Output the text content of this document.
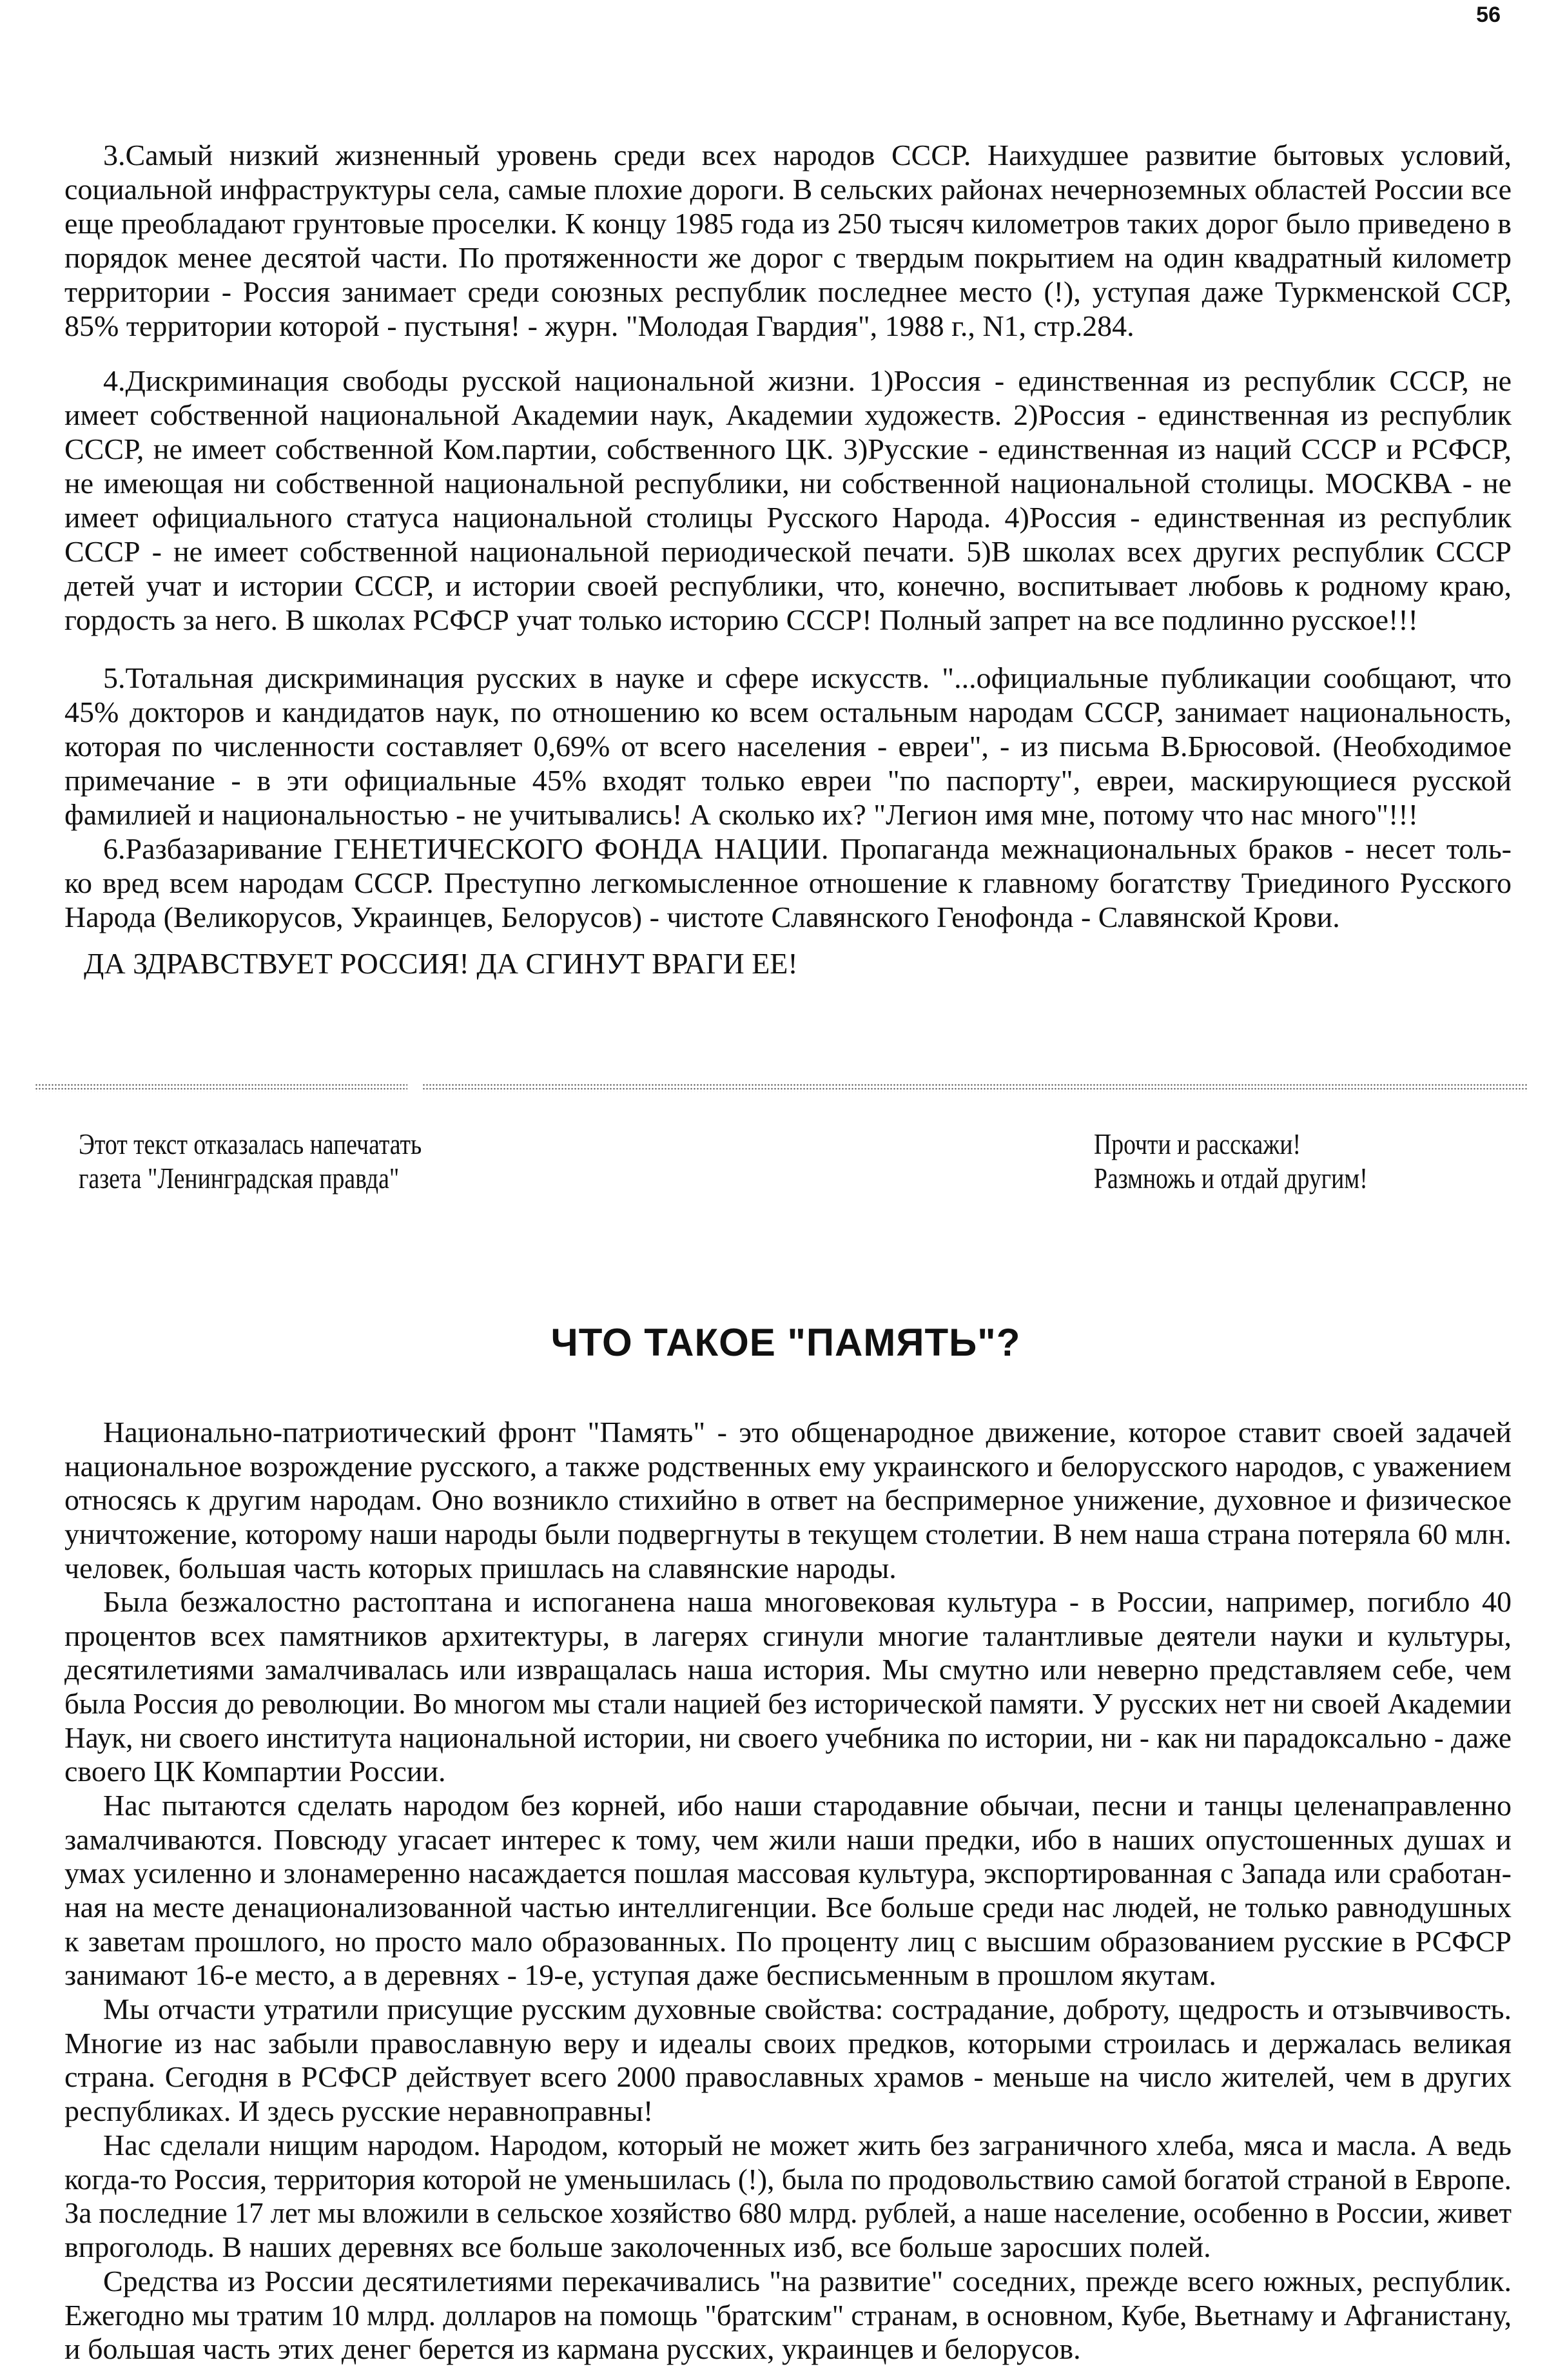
56
3.Самый низкий жизненный уровень среди всех народов СССР. Наихудшее развитие бытовых условий,
социальной инфраструктуры села, самые плохие дороги. В сельских районах нечерноземных областей России все
еще преобладают грунтовые проселки. К концу 1985 года из 250 тысяч километров таких дорог было приведено в
порядок менее десятой части. По протяженности же дорог с твердым покрытием на один квадратный километр
территории - Россия занимает среди союзных республик последнее место (!), уступая даже Туркменской ССР,
85% территории которой - пустыня! - журн. "Молодая Гвардия", 1988 г., N1, стр.284.
4.Дискриминация свободы русской национальной жизни. 1)Россия - единственная из республик СССР, не
имеет собственной национальной Академии наук, Академии художеств. 2)Россия - единственная из республик
СССР, не имеет собственной Ком.партии, собственного ЦК. 3)Русские - единственная из наций СССР и РСФСР,
не имеющая ни собственной национальной республики, ни собственной национальной столицы. МОСКВА - не
имеет официального статуса национальной столицы Русского Народа. 4)Россия - единственная из республик
СССР - не имеет собственной национальной периодической печати. 5)В школах всех других республик СССР
детей учат и истории СССР, и истории своей республики, что, конечно, воспитывает любовь к родному краю,
гордость за него. В школах РСФСР учат только историю СССР! Полный запрет на все подлинно русское!!!
5.Тотальная дискриминация русских в науке и сфере искусств. "...официальные публикации сообщают, что
45% докторов и кандидатов наук, по отношению ко всем остальным народам СССР, занимает национальность,
которая по численности составляет 0,69% от всего населения - евреи", - из письма В.Брюсовой. (Необходимое
примечание - в эти официальные 45% входят только евреи "по паспорту", евреи, маскирующиеся русской
фамилией и национальностью - не учитывались! А сколько их? "Легион имя мне, потому что нас много"!!!
6.Разбазаривание ГЕНЕТИЧЕСКОГО ФОНДА НАЦИИ. Пропаганда межнациональных браков - несет толь-
ко вред всем народам СССР. Преступно легкомысленное отношение к главному богатству Триединого Русского
Народа (Великорусов, Украинцев, Белорусов) - чистоте Славянского Генофонда - Славянской Крови.
ДА ЗДРАВСТВУЕТ РОССИЯ! ДА СГИНУТ ВРАГИ ЕЕ!
Этот текст отказалась напечатать
газета "Ленинградская правда"
Прочти и расскажи!
Размножь и отдай другим!
ЧТО ТАКОЕ "ПАМЯТЬ"?
Национально-патриотический фронт "Память" - это общенародное движение, которое ставит своей задачей
национальное возрождение русского, а также родственных ему украинского и белорусского народов, с уважением
относясь к другим народам. Оно возникло стихийно в ответ на беспримерное унижение, духовное и физическое
уничтожение, которому наши народы были подвергнуты в текущем столетии. В нем наша страна потеряла 60 млн.
человек, большая часть которых пришлась на славянские народы.
Была безжалостно растоптана и испоганена наша многовековая культура - в России, например, погибло 40
процентов всех памятников архитектуры, в лагерях сгинули многие талантливые деятели науки и культуры,
десятилетиями замалчивалась или извращалась наша история. Мы смутно или неверно представляем себе, чем
была Россия до революции. Во многом мы стали нацией без исторической памяти. У русских нет ни своей Академии
Наук, ни своего института национальной истории, ни своего учебника по истории, ни - как ни парадоксально - даже
своего ЦК Компартии России.
Нас пытаются сделать народом без корней, ибо наши стародавние обычаи, песни и танцы целенаправленно
замалчиваются. Повсюду угасает интерес к тому, чем жили наши предки, ибо в наших опустошенных душах и
умах усиленно и злонамеренно насаждается пошлая массовая культура, экспортированная с Запада или сработан-
ная на месте денационализованной частью интеллигенции. Все больше среди нас людей, не только равнодушных
к заветам прошлого, но просто мало образованных. По проценту лиц с высшим образованием русские в РСФСР
занимают 16-е место, а в деревнях - 19-е, уступая даже бесписьменным в прошлом якутам.
Мы отчасти утратили присущие русским духовные свойства: сострадание, доброту, щедрость и отзывчивость.
Многие из нас забыли православную веру и идеалы своих предков, которыми строилась и держалась великая
страна. Сегодня в РСФСР действует всего 2000 православных храмов - меньше на число жителей, чем в других
республиках. И здесь русские неравноправны!
Нас сделали нищим народом. Народом, который не может жить без заграничного хлеба, мяса и масла. А ведь
когда-то Россия, территория которой не уменьшилась (!), была по продовольствию самой богатой страной в Европе.
За последние 17 лет мы вложили в сельское хозяйство 680 млрд. рублей, а наше население, особенно в России, живет
впроголодь. В наших деревнях все больше заколоченных изб, все больше заросших полей.
Средства из России десятилетиями перекачивались "на развитие" соседних, прежде всего южных, республик.
Ежегодно мы тратим 10 млрд. долларов на помощь "братским" странам, в основном, Кубе, Вьетнаму и Афганистану,
и большая часть этих денег берется из кармана русских, украинцев и белорусов.
